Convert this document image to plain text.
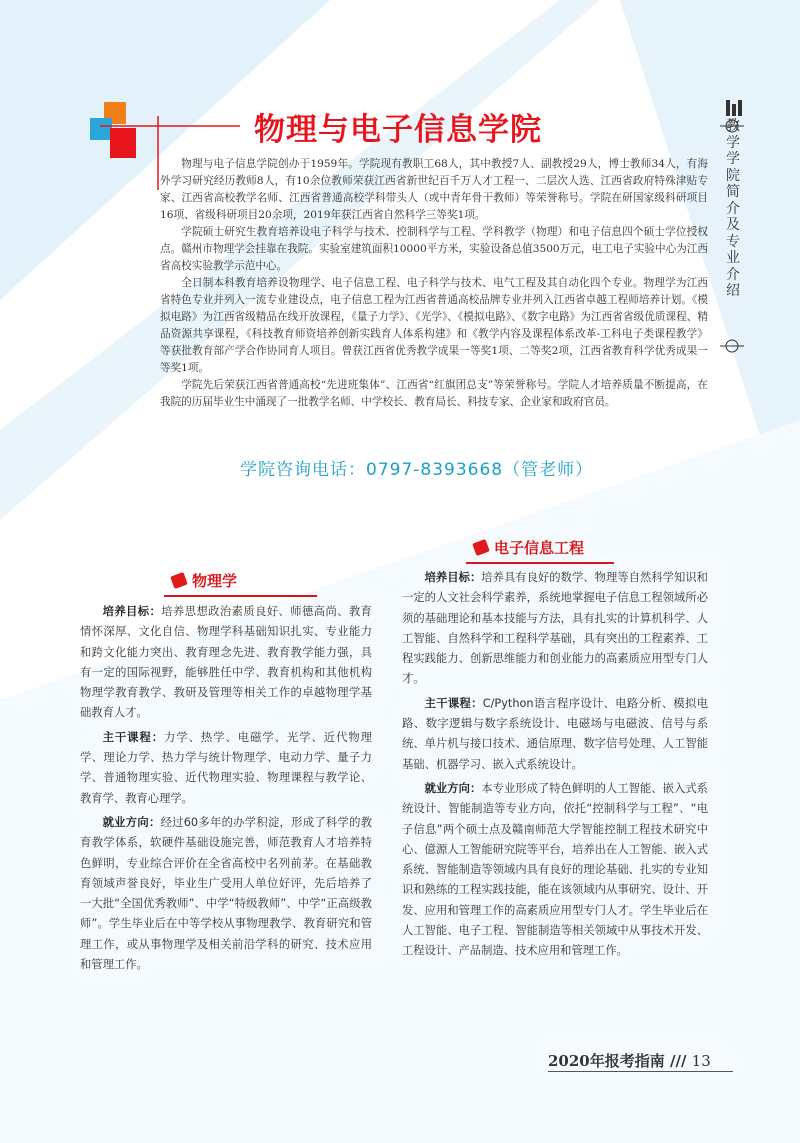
物理与电子信息学院	教学学院简介及专业介绍

物理与电子信息学院创办于1959年。学院现有教职工68人，其中教授7人、副教授29人，博士教师34人，有海外学习研究经历教师8人，有10余位教师荣获江西省新世纪百千万人才工程一、二层次人选、江西省政府特殊津贴专家、江西省高校教学名师、江西省普通高校学科带头人（或中青年骨干教师）等荣誉称号。学院在研国家级科研项目16项、省级科研项目20余项，2019年获江西省自然科学三等奖1项。

学院硕士研究生教育培养设电子科学与技术、控制科学与工程、学科教学（物理）和电子信息四个硕士学位授权点。赣州市物理学会挂靠在我院。实验室建筑面积10000平方米，实验设备总值3500万元，电工电子实验中心为江西省高校实验教学示范中心。

全日制本科教育培养设物理学、电子信息工程、电子科学与技术、电气工程及其自动化四个专业。物理学为江西省特色专业并列入一流专业建设点，电子信息工程为江西省普通高校品牌专业并列入江西省卓越工程师培养计划。《模拟电路》为江西省级精品在线开放课程，《量子力学》、《光学》、《模拟电路》、《数字电路》为江西省省级优质课程、精品资源共享课程，《科技教育师资培养创新实践育人体系构建》和《教学内容及课程体系改革-工科电子类课程教学》等获批教育部产学合作协同育人项目。曾获江西省优秀教学成果一等奖1项、二等奖2项，江西省教育科学优秀成果一等奖1项。

学院先后荣获江西省普通高校“先进班集体”、江西省“红旗团总支”等荣誉称号。学院人才培养质量不断提高，在我院的历届毕业生中涌现了一批教学名师、中学校长、教育局长、科技专家、企业家和政府官员。

学院咨询电话：0797-8393668（管老师）
电子信息工程
物理学

培养目标：培养思想政治素质良好、师德高尚、教育情怀深厚、文化自信、物理学科基础知识扎实、专业能力和跨文化能力突出、教育理念先进、教育教学能力强，具有一定的国际视野，能够胜任中学、教育机构和其他机构物理学教育教学、教研及管理等相关工作的卓越物理学基础教育人才。

主干课程：力学、热学、电磁学、光学、近代物理学、理论力学、热力学与统计物理学、电动力学、量子力学、普通物理实验、近代物理实验、物理课程与教学论、教育学、教育心理学。

就业方向：经过60多年的办学积淀，形成了科学的教育教学体系，软硬件基础设施完善，师范教育人才培养特色鲜明，专业综合评价在全省高校中名列前茅。在基础教育领域声誉良好，毕业生广受用人单位好评，先后培养了一大批“全国优秀教师”、中学“特级教师”、中学“正高级教师”。学生毕业后在中等学校从事物理教学、教育研究和管理工作，或从事物理学及相关前沿学科的研究、技术应用和管理工作。

培养目标：培养具有良好的数学、物理等自然科学知识和一定的人文社会科学素养，系统地掌握电子信息工程领域所必须的基础理论和基本技能与方法，具有扎实的计算机科学、人工智能、自然科学和工程科学基础，具有突出的工程素养、工程实践能力、创新思维能力和创业能力的高素质应用型专门人才。

主干课程：C/Python语言程序设计、电路分析、模拟电路、数字逻辑与数字系统设计、电磁场与电磁波、信号与系统、单片机与接口技术、通信原理、数字信号处理、人工智能基础、机器学习、嵌入式系统设计。

就业方向：本专业形成了特色鲜明的人工智能、嵌入式系统设计、智能制造等专业方向，依托“控制科学与工程”、“电子信息”两个硕士点及赣南师范大学智能控制工程技术研究中心、億源人工智能研究院等平台，培养出在人工智能、嵌入式系统、智能制造等领域内具有良好的理论基础、扎实的专业知识和熟练的工程实践技能，能在该领域内从事研究、设计、开发、应用和管理工作的高素质应用型专门人才。学生毕业后在人工智能、电子工程、智能制造等相关领域中从事技术开发、工程设计、产品制造、技术应用和管理工作。

2020年报考指南 /// 13
